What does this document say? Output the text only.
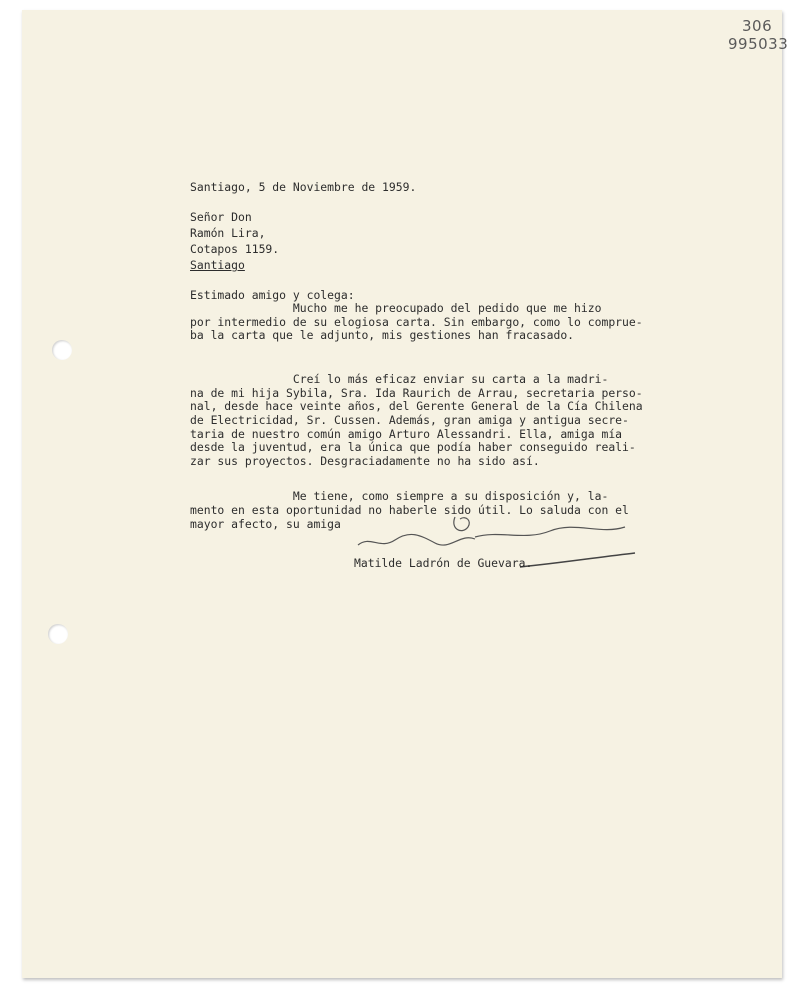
306
995033
Santiago, 5 de Noviembre de 1959.
Señor Don
Ramón Lira,
Cotapos 1159.
Santiago
Estimado amigo y colega:
Mucho me he preocupado del pedido que me hizo
por intermedio de su elogiosa carta. Sin embargo, como lo comprue-
ba la carta que le adjunto, mis gestiones han fracasado.
Creí lo más eficaz enviar su carta a la madri-
na de mi hija Sybila, Sra. Ida Raurich de Arrau, secretaria perso-
nal, desde hace veinte años, del Gerente General de la Cía Chilena
de Electricidad, Sr. Cussen. Además, gran amiga y antigua secre-
taria de nuestro común amigo Arturo Alessandri. Ella, amiga mía
desde la juventud, era la única que podía haber conseguido reali-
zar sus proyectos. Desgraciadamente no ha sido así.
Me tiene, como siempre a su disposición y, la-
mento en esta oportunidad no haberle sido útil. Lo saluda con el
mayor afecto, su amiga
Matilde Ladrón de Guevara.
